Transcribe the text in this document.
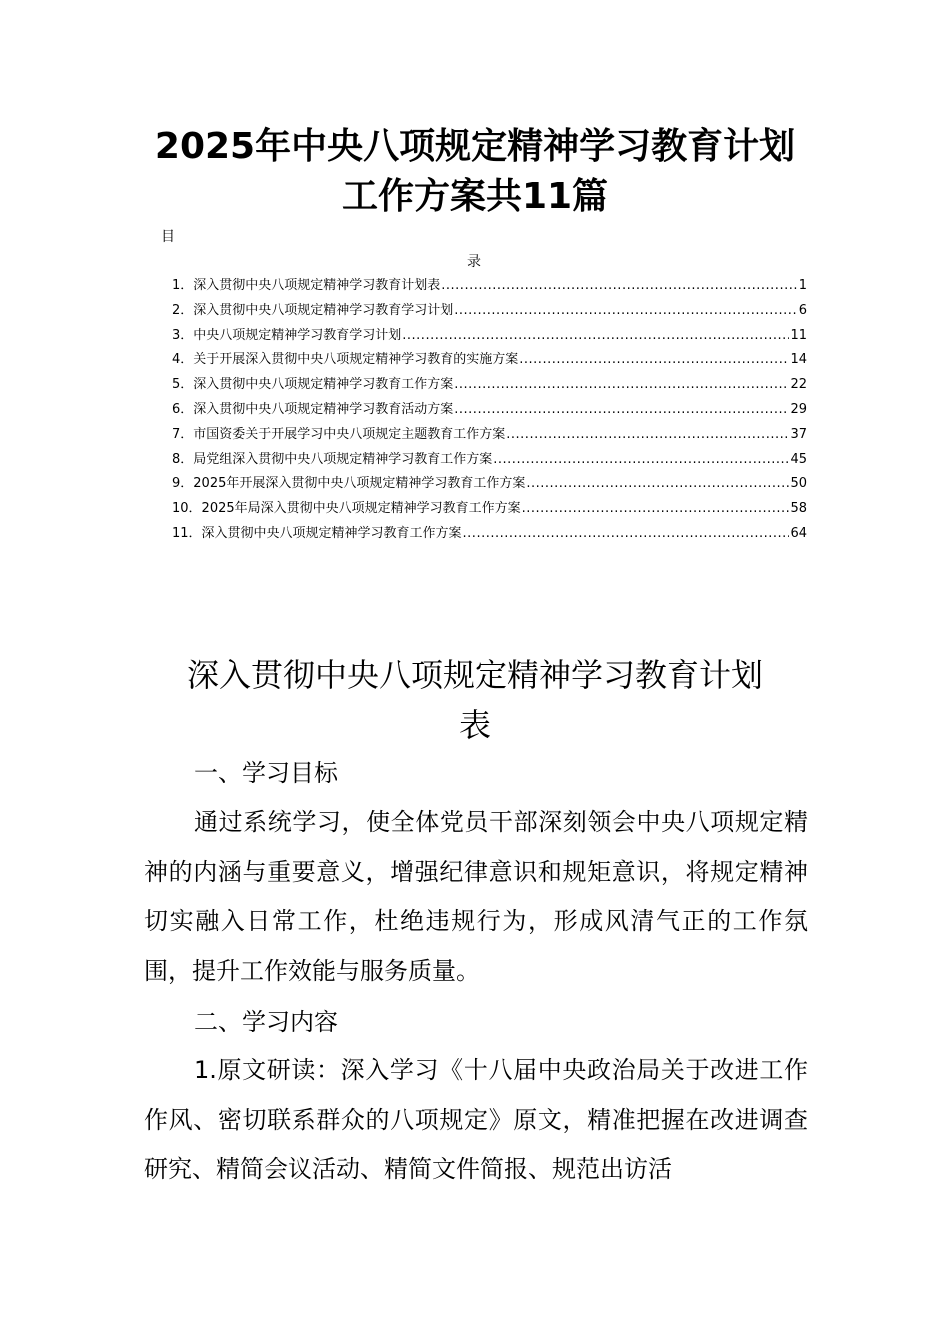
2025年中央八项规定精神学习教育计划
工作方案共11篇
目
录
1．深入贯彻中央八项规定精神学习教育计划表 .....	1
2．深入贯彻中央八项规定精神学习教育学习计划 .....	6
3．中央八项规定精神学习教育学习计划 .....	11
4．关于开展深入贯彻中央八项规定精神学习教育的实施方案 .....	14
5．深入贯彻中央八项规定精神学习教育工作方案 .....	22
6．深入贯彻中央八项规定精神学习教育活动方案 .....	29
7．市国资委关于开展学习中央八项规定主题教育工作方案 .....	37
8．局党组深入贯彻中央八项规定精神学习教育工作方案 .....	45
9．2025年开展深入贯彻中央八项规定精神学习教育工作方案 .....	50
10．2025年局深入贯彻中央八项规定精神学习教育工作方案 .....	58
11．深入贯彻中央八项规定精神学习教育工作方案 .....	64
深入贯彻中央八项规定精神学习教育计划
表
一、学习目标

通过系统学习，使全体党员干部深刻领会中央八项规定精神的内涵与重要意义，增强纪律意识和规矩意识，将规定精神切实融入日常工作，杜绝违规行为，形成风清气正的工作氛围，提升工作效能与服务质量。

二、学习内容

1.原文研读：深入学习《十八届中央政治局关于改进工作作风、密切联系群众的八项规定》原文，精准把握在改进调查研究、精简会议活动、精简文件简报、规范出访活
